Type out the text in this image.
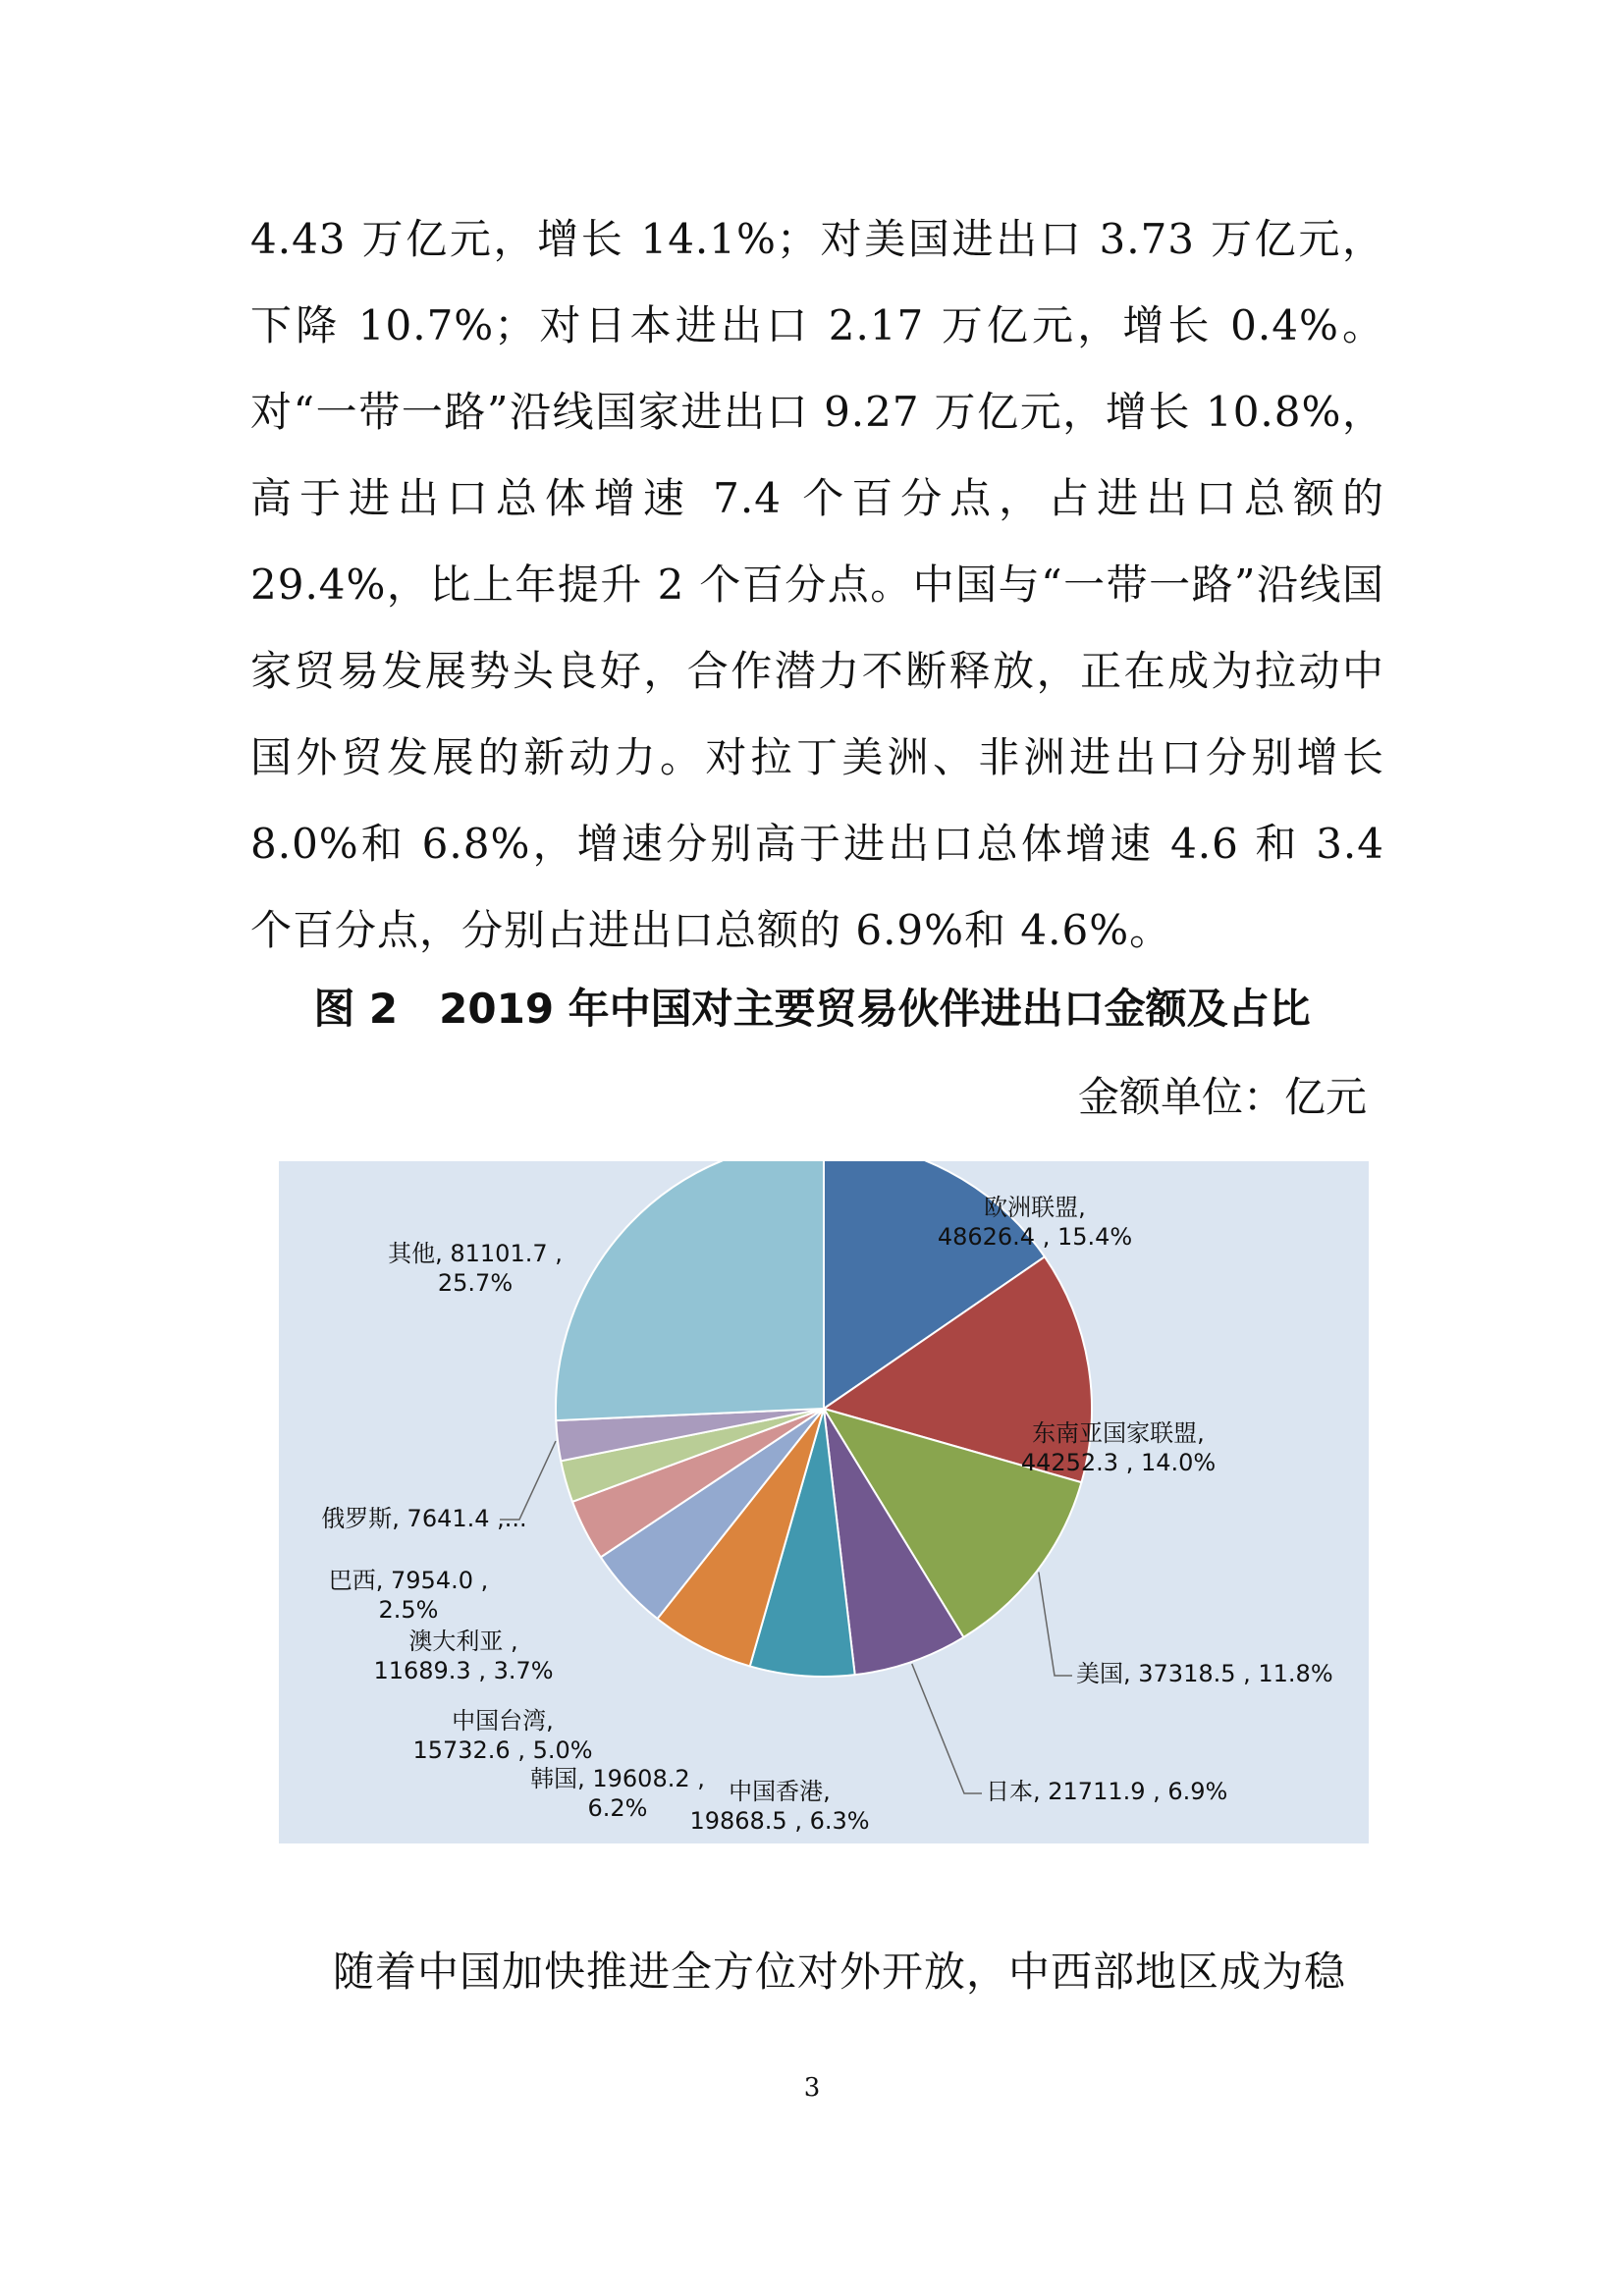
4.43 万亿元，增长 14.1%；对美国进出口 3.73 万亿元，下降 10.7%；对日本进出口 2.17 万亿元，增长 0.4%。对“一带一路”沿线国家进出口 9.27 万亿元，增长 10.8%，高于进出口总体增速 7.4 个百分点，占进出口总额的 29.4%，比上年提升 2 个百分点。中国与“一带一路”沿线国家贸易发展势头良好，合作潜力不断释放，正在成为拉动中国外贸发展的新动力。对拉丁美洲、非洲进出口分别增长 8.0%和 6.8%，增速分别高于进出口总体增速 4.6 和 3.4 个百分点，分别占进出口总额的 6.9%和 4.6%。

图 2　2019 年中国对主要贸易伙伴进出口金额及占比

金额单位：亿元
欧洲联盟, 48626.4 , 15.4%
东南亚国家联盟, 44252.3 , 14.0%
美国, 37318.5 , 11.8%
日本, 21711.9 , 6.9%
中国香港, 19868.5 , 6.3%
韩国, 19608.2 , 6.2%
中国台湾, 15732.6 , 5.0%
澳大利亚 , 11689.3 , 3.7%
巴西, 7954.0 , 2.5%
俄罗斯, 7641.4 ,...
其他, 81101.7 , 25.7%

随着中国加快推进全方位对外开放，中西部地区成为稳

3
